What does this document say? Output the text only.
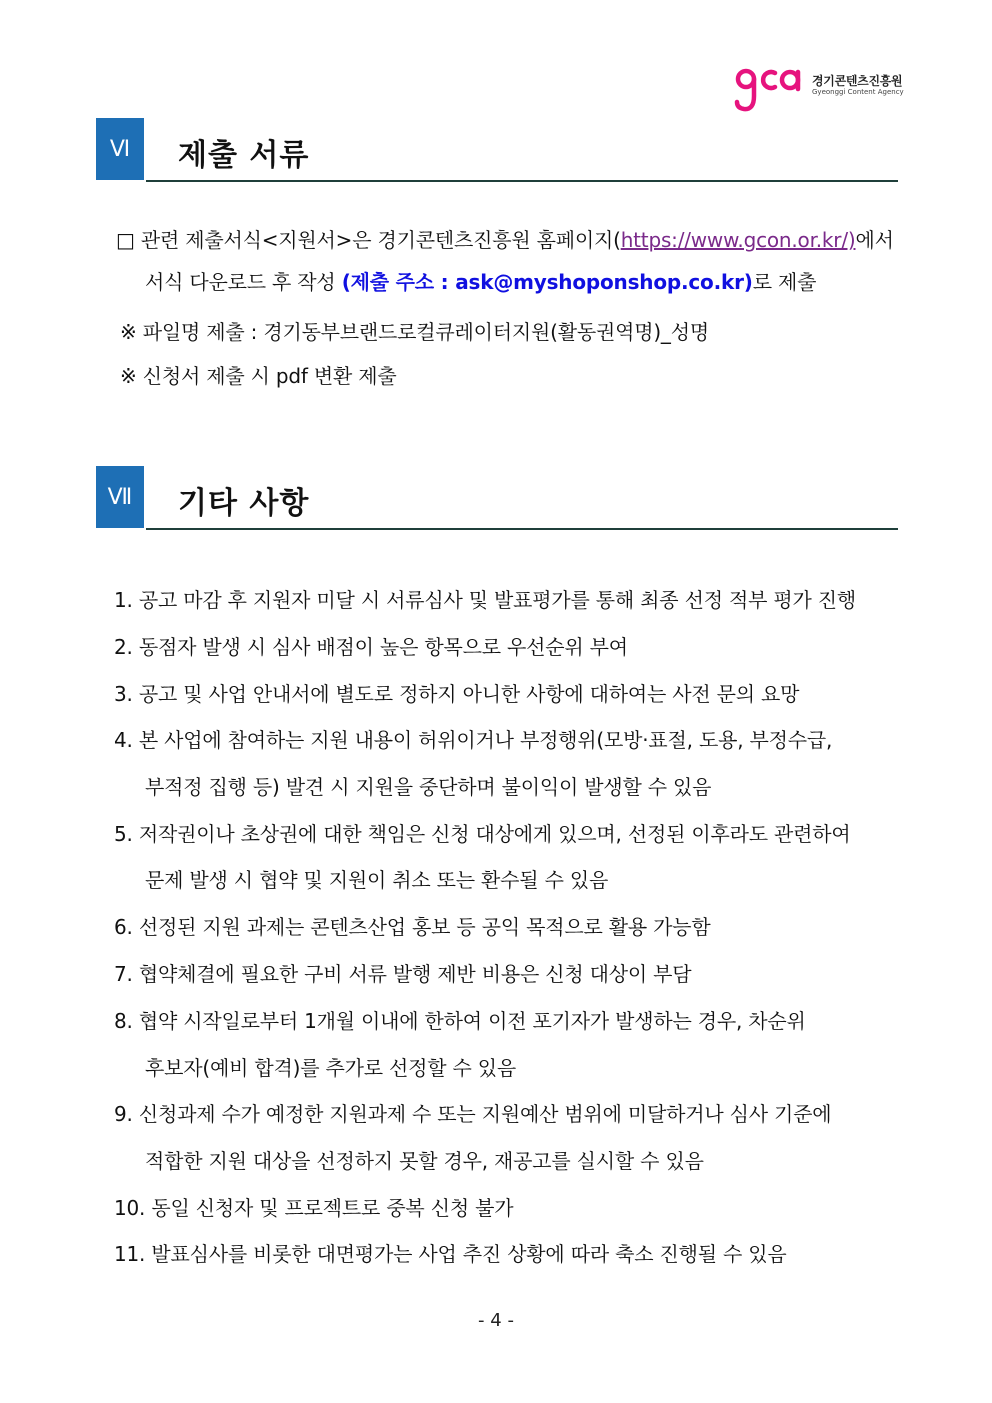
경기콘텐츠진흥원
Gyeonggi Content Agency
Ⅵ	제출 서류
□ 관련 제출서식<지원서>은 경기콘텐츠진흥원 홈페이지(https://www.gcon.or.kr/)에서
서식 다운로드 후 작성 (제출 주소 : ask@myshoponshop.co.kr)로 제출
※ 파일명 제출 : 경기동부브랜드로컬큐레이터지원(활동권역명)_성명
※ 신청서 제출 시 pdf 변환 제출
Ⅶ	기타 사항
1. 공고 마감 후 지원자 미달 시 서류심사 및 발표평가를 통해 최종 선정 적부 평가 진행
2. 동점자 발생 시 심사 배점이 높은 항목으로 우선순위 부여
3. 공고 및 사업 안내서에 별도로 정하지 아니한 사항에 대하여는 사전 문의 요망
4. 본 사업에 참여하는 지원 내용이 허위이거나 부정행위(모방·표절, 도용, 부정수급,
부적정 집행 등) 발견 시 지원을 중단하며 불이익이 발생할 수 있음
5. 저작권이나 초상권에 대한 책임은 신청 대상에게 있으며, 선정된 이후라도 관련하여
문제 발생 시 협약 및 지원이 취소 또는 환수될 수 있음
6. 선정된 지원 과제는 콘텐츠산업 홍보 등 공익 목적으로 활용 가능함
7. 협약체결에 필요한 구비 서류 발행 제반 비용은 신청 대상이 부담
8. 협약 시작일로부터 1개월 이내에 한하여 이전 포기자가 발생하는 경우, 차순위
후보자(예비 합격)를 추가로 선정할 수 있음
9. 신청과제 수가 예정한 지원과제 수 또는 지원예산 범위에 미달하거나 심사 기준에
적합한 지원 대상을 선정하지 못할 경우, 재공고를 실시할 수 있음
10. 동일 신청자 및 프로젝트로 중복 신청 불가
11. 발표심사를 비롯한 대면평가는 사업 추진 상황에 따라 축소 진행될 수 있음
- 4 -
